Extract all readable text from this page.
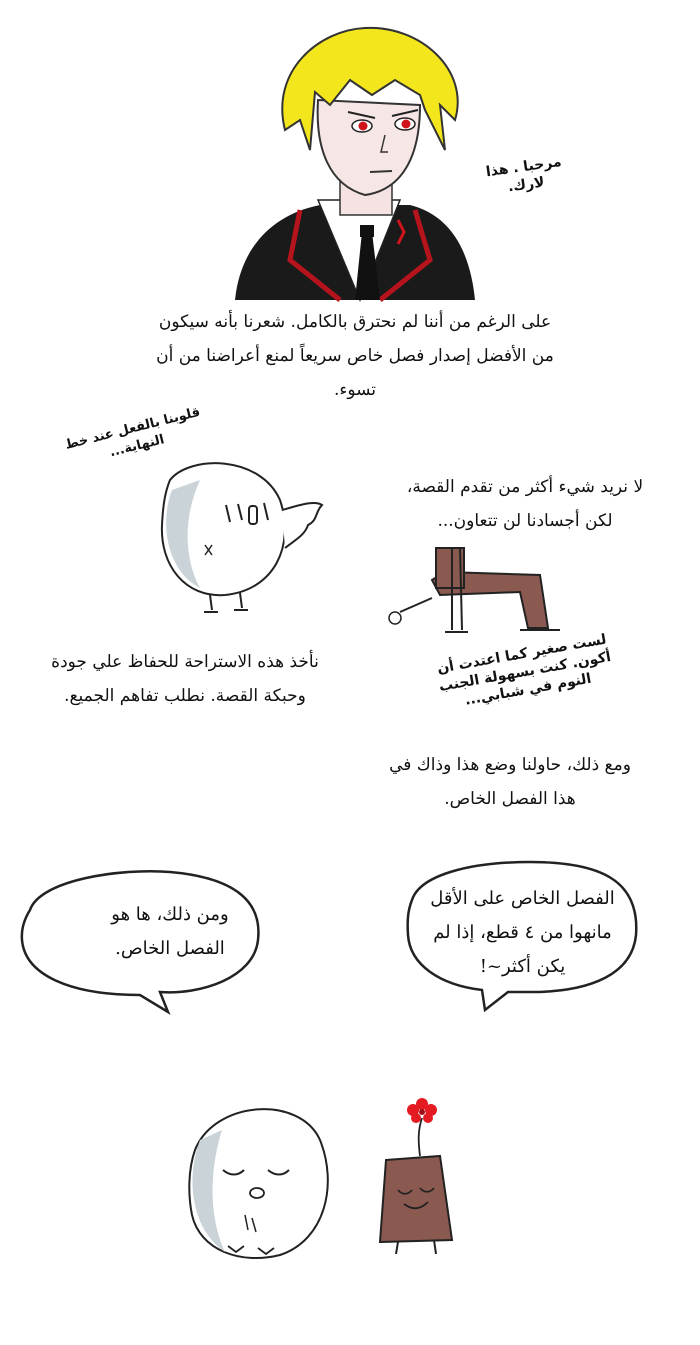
مرحبا . هذا لارك.
على الرغم من أننا لم نحترق بالكامل. شعرنا بأنه سيكون من الأفضل إصدار فصل خاص سريعاً لمنع أعراضنا من أن تسوء.
قلوبنا بالفعل عند خط النهاية...
لا نريد شيء أكثر من تقدم القصة، لكن أجسادنا لن تتعاون...
نأخذ هذه الاستراحة للحفاظ علي جودة وحبكة القصة. نطلب تفاهم الجميع.
لست صغير كما اعتدت أن أكون. كنت بسهولة الجنب النوم في شبابي...
ومع ذلك، حاولنا وضع هذا وذاك في هذا الفصل الخاص.
ومن ذلك، ها هو الفصل الخاص.
الفصل الخاص على الأقل مانهوا من ٤ قطع، إذا لم يكن أكثر~!
